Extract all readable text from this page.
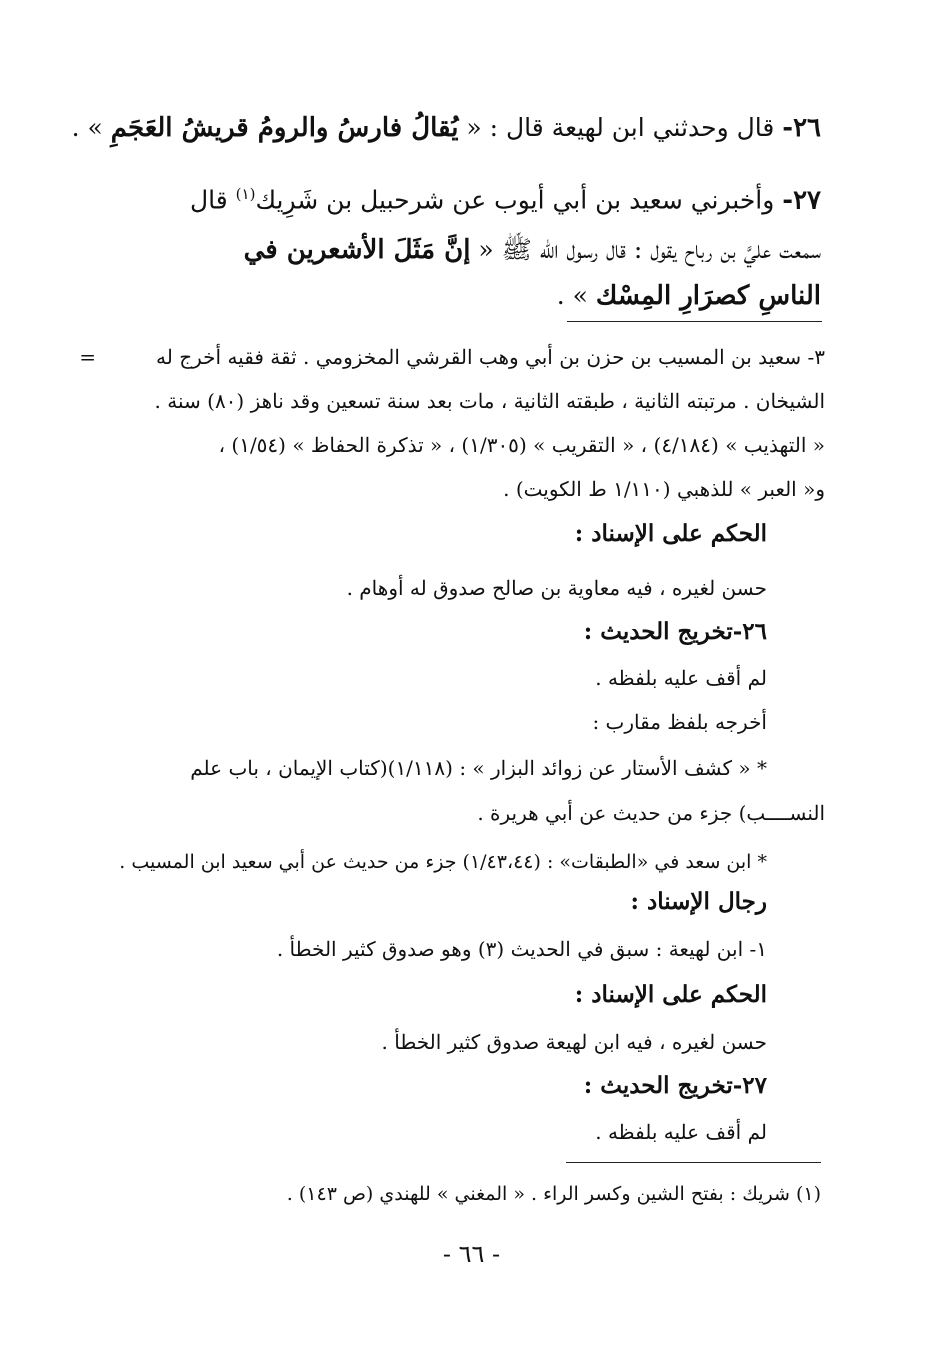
٢٦- قال وحدثني ابن لهيعة قال : « يُقالُ فارسُ والرومُ قريشُ العَجَمِ » .
٢٧- وأخبرني سعيد بن أبي أيوب عن شرحبيل بن شَرِيك$^{(١)}$ قال
سمعت عليَّ بن رباح يقول : قال رسول الله ﷺ « إنَّ مَثَلَ الأشعرين في
الناسِ كصرَارِ المِسْك » .
٣- سعيد بن المسيب بن حزن بن أبي وهب القرشي المخزومي . ثقة فقيه أخرج له=
الشيخان . مرتبته الثانية ، طبقته الثانية ، مات بعد سنة تسعين وقد ناهز (٨٠) سنة .
« التهذيب » (٤/١٨٤) ، « التقريب » (١/٣٠٥) ، « تذكرة الحفاظ » (١/٥٤) ،
و« العبر » للذهبي (١/١١٠ ط الكويت) .
الحكم على الإسناد :
حسن لغيره ، فيه معاوية بن صالح صدوق له أوهام .
٢٦-تخريج الحديث :
لم أقف عليه بلفظه .
أخرجه بلفظ مقارب :
* « كشف الأستار عن زوائد البزار » : (١/١١٨)(كتاب الإيمان ، باب علم
النســــب) جزء من حديث عن أبي هريرة .
* ابن سعد في «الطبقات» : (١/٤٣،٤٤) جزء من حديث عن أبي سعيد ابن المسيب .
رجال الإسناد :
١- ابن لهيعة : سبق في الحديث (٣) وهو صدوق كثير الخطأ .
الحكم على الإسناد :
حسن لغيره ، فيه ابن لهيعة صدوق كثير الخطأ .
٢٧-تخريج الحديث :
لم أقف عليه بلفظه .
(١) شريك : بفتح الشين وكسر الراء . « المغني » للهندي (ص ١٤٣) .
- ٦٦ -
